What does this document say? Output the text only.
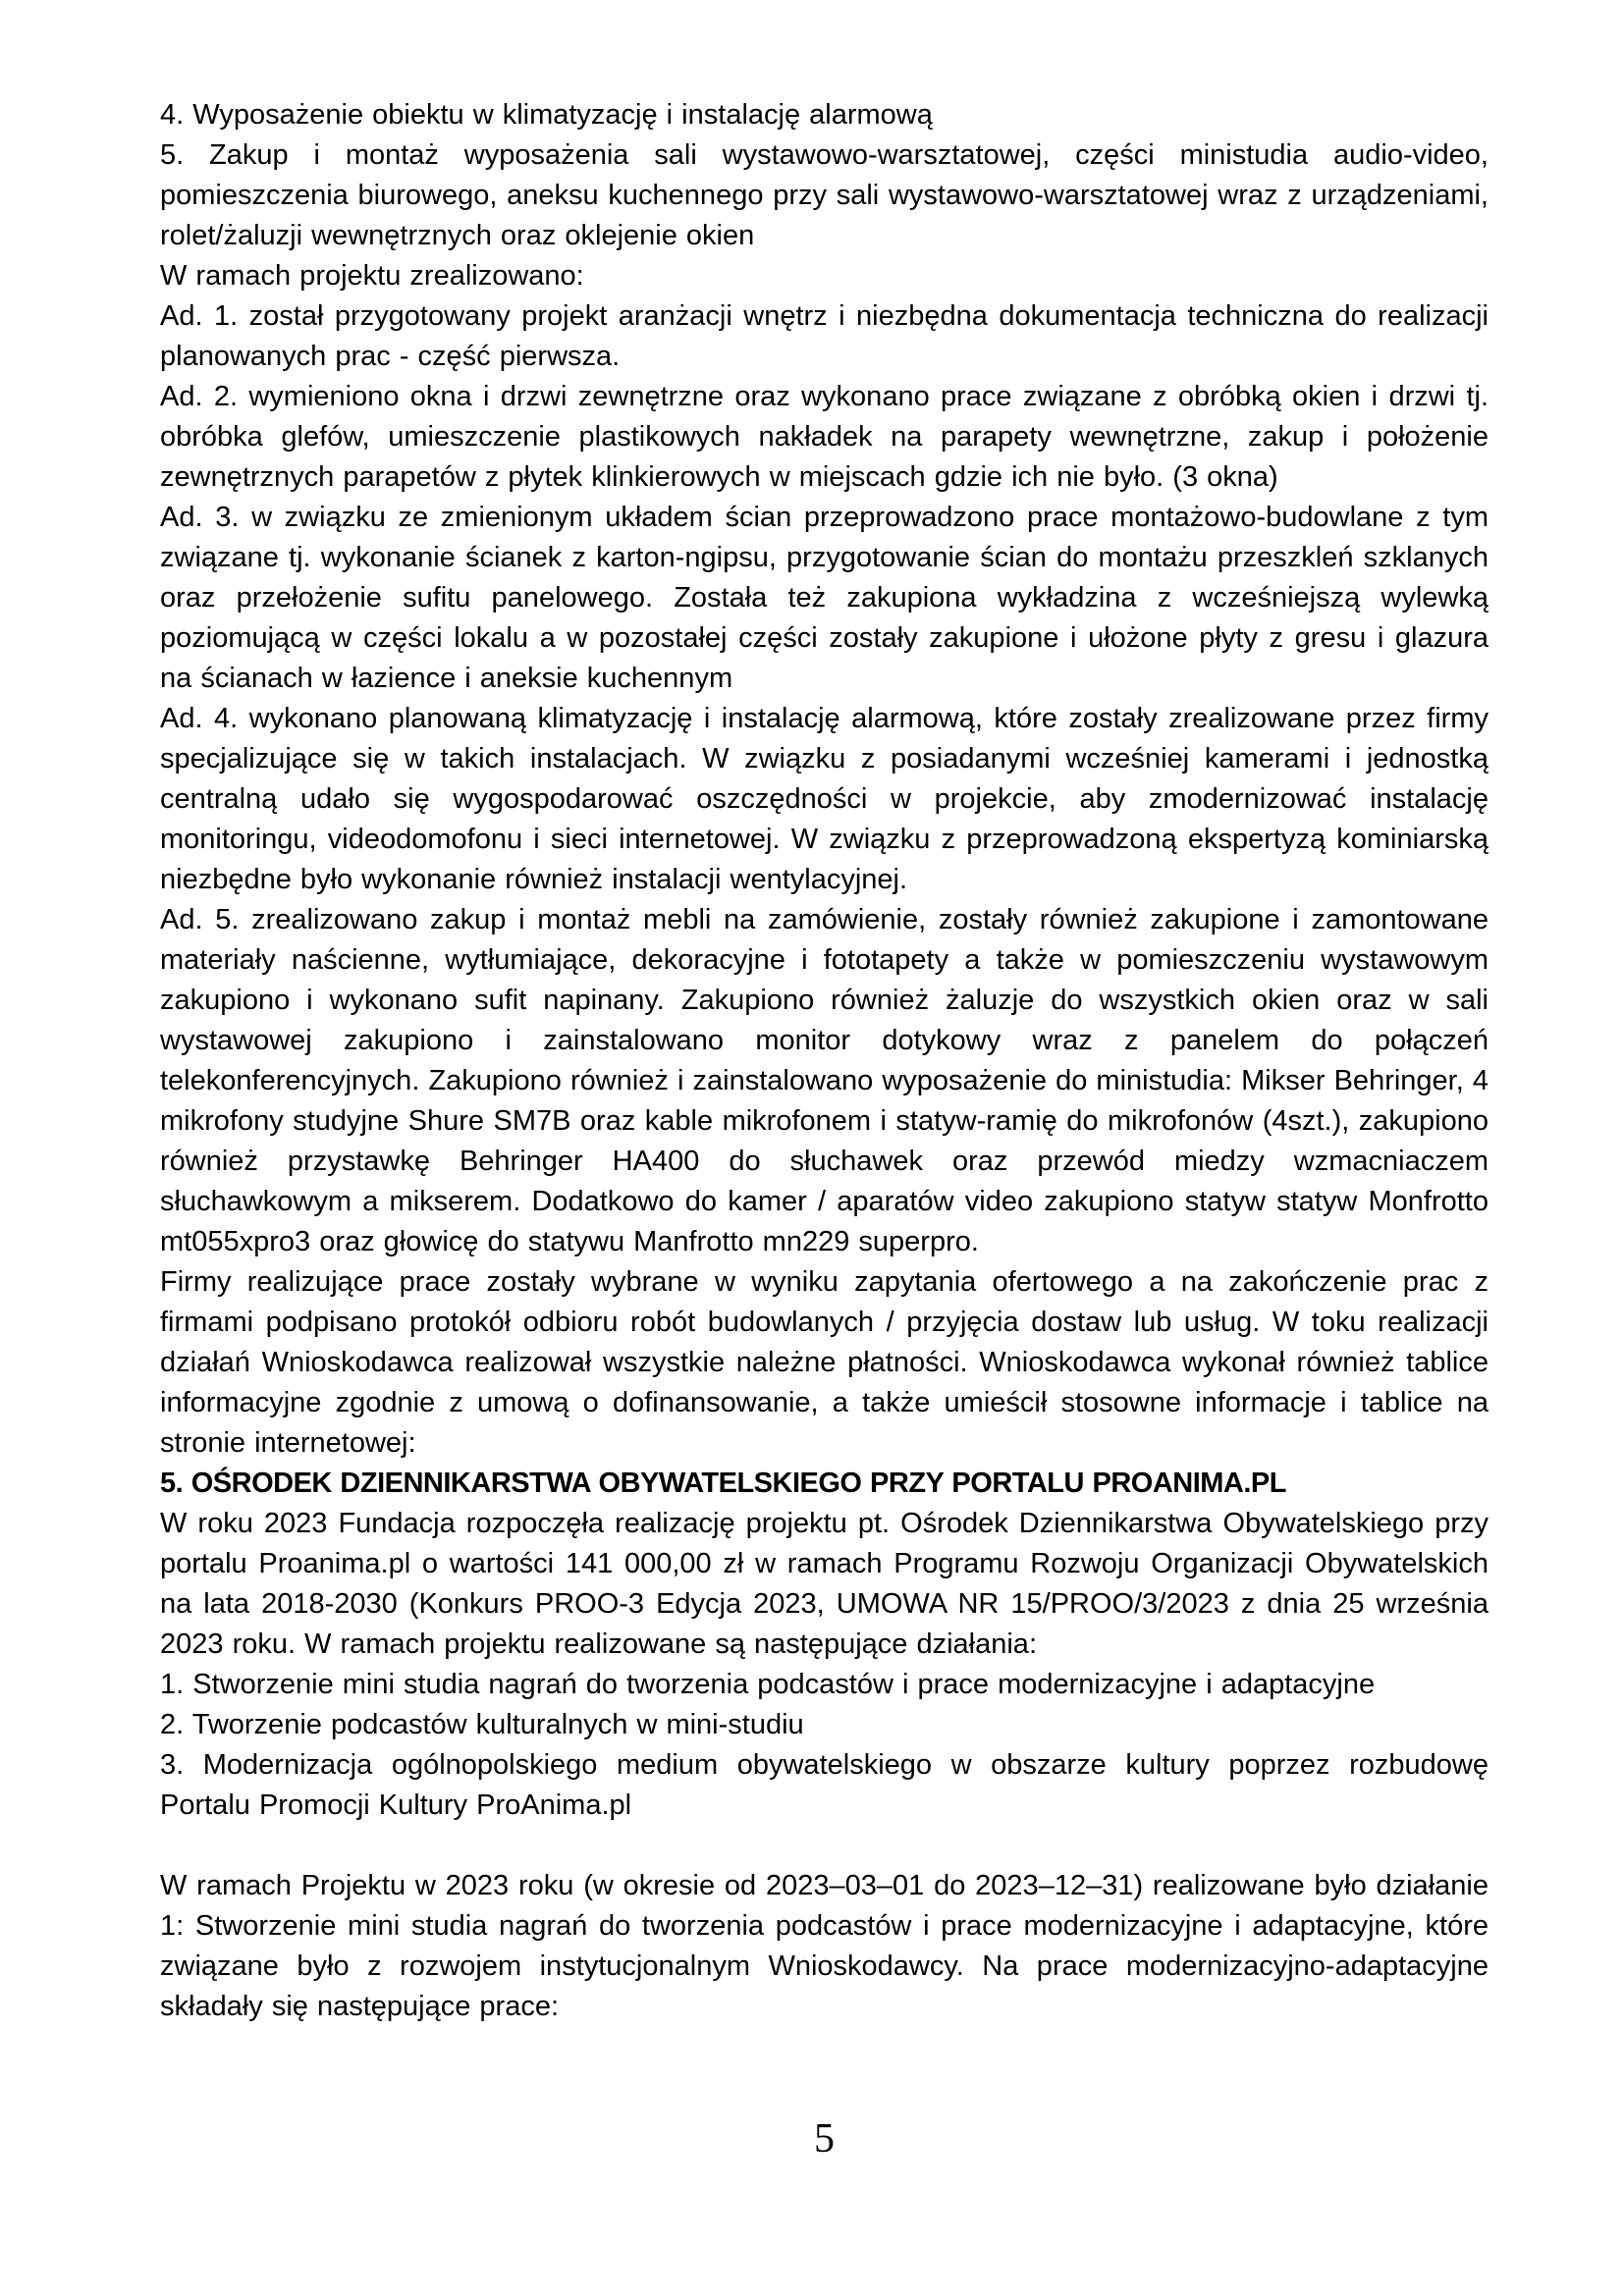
4. Wyposażenie obiektu w klimatyzację i instalację alarmową

5. Zakup i montaż wyposażenia sali wystawowo-warsztatowej, części ministudia audio-video, pomieszczenia biurowego, aneksu kuchennego przy sali wystawowo-warsztatowej wraz z urządzeniami, rolet/żaluzji wewnętrznych oraz oklejenie okien

W ramach projektu zrealizowano:

Ad. 1. został przygotowany projekt aranżacji wnętrz i niezbędna dokumentacja techniczna do realizacji planowanych prac - część pierwsza.

Ad. 2. wymieniono okna i drzwi zewnętrzne oraz wykonano prace związane z obróbką okien i drzwi tj. obróbka glefów, umieszczenie plastikowych nakładek na parapety wewnętrzne, zakup i położenie zewnętrznych parapetów z płytek klinkierowych w miejscach gdzie ich nie było. (3 okna)

Ad. 3. w związku ze zmienionym układem ścian przeprowadzono prace montażowo-budowlane z tym związane tj. wykonanie ścianek z karton-ngipsu, przygotowanie ścian do montażu przeszkleń szklanych oraz przełożenie sufitu panelowego. Została też zakupiona wykładzina z wcześniejszą wylewką poziomującą w części lokalu a w pozostałej części zostały zakupione i ułożone płyty z gresu i glazura na ścianach w łazience i aneksie kuchennym

Ad. 4. wykonano planowaną klimatyzację i instalację alarmową, które zostały zrealizowane przez firmy specjalizujące się w takich instalacjach. W związku z posiadanymi wcześniej kamerami i jednostką centralną udało się wygospodarować oszczędności w projekcie, aby zmodernizować instalację monitoringu, videodomofonu i sieci internetowej. W związku z przeprowadzoną ekspertyzą kominiarską niezbędne było wykonanie również instalacji wentylacyjnej.

Ad. 5. zrealizowano zakup i montaż mebli na zamówienie, zostały również zakupione i zamontowane materiały naścienne, wytłumiające, dekoracyjne i fototapety a także w pomieszczeniu wystawowym zakupiono i wykonano sufit napinany. Zakupiono również żaluzje do wszystkich okien oraz w sali wystawowej zakupiono i zainstalowano monitor dotykowy wraz z panelem do połączeń telekonferencyjnych. Zakupiono również i zainstalowano wyposażenie do ministudia: Mikser Behringer, 4 mikrofony studyjne Shure SM7B oraz kable mikrofonem i statyw-ramię do mikrofonów (4szt.), zakupiono również przystawkę Behringer HA400 do słuchawek oraz przewód miedzy wzmacniaczem słuchawkowym a mikserem. Dodatkowo do kamer / aparatów video zakupiono statyw statyw Monfrotto mt055xpro3 oraz głowicę do statywu Manfrotto mn229 superpro.

Firmy realizujące prace zostały wybrane w wyniku zapytania ofertowego a na zakończenie prac z firmami podpisano protokół odbioru robót budowlanych / przyjęcia dostaw lub usług. W toku realizacji działań Wnioskodawca realizował wszystkie należne płatności. Wnioskodawca wykonał również tablice informacyjne zgodnie z umową o dofinansowanie, a także umieścił stosowne informacje i tablice na stronie internetowej:

5. OŚRODEK DZIENNIKARSTWA OBYWATELSKIEGO PRZY PORTALU PROANIMA.PL

W roku 2023 Fundacja rozpoczęła realizację projektu pt. Ośrodek Dziennikarstwa Obywatelskiego przy portalu Proanima.pl o wartości 141 000,00 zł w ramach Programu Rozwoju Organizacji Obywatelskich na lata 2018-2030 (Konkurs PROO-3 Edycja 2023, UMOWA NR 15/PROO/3/2023 z dnia 25 września 2023 roku. W ramach projektu realizowane są następujące działania:

1. Stworzenie mini studia nagrań do tworzenia podcastów i prace modernizacyjne i adaptacyjne

2. Tworzenie podcastów kulturalnych w mini-studiu

3. Modernizacja ogólnopolskiego medium obywatelskiego w obszarze kultury poprzez rozbudowę Portalu Promocji Kultury ProAnima.pl

W ramach Projektu w 2023 roku (w okresie od 2023–03–01 do 2023–12–31) realizowane było działanie 1: Stworzenie mini studia nagrań do tworzenia podcastów i prace modernizacyjne i adaptacyjne, które związane było z rozwojem instytucjonalnym Wnioskodawcy. Na prace modernizacyjno-adaptacyjne składały się następujące prace:

5
